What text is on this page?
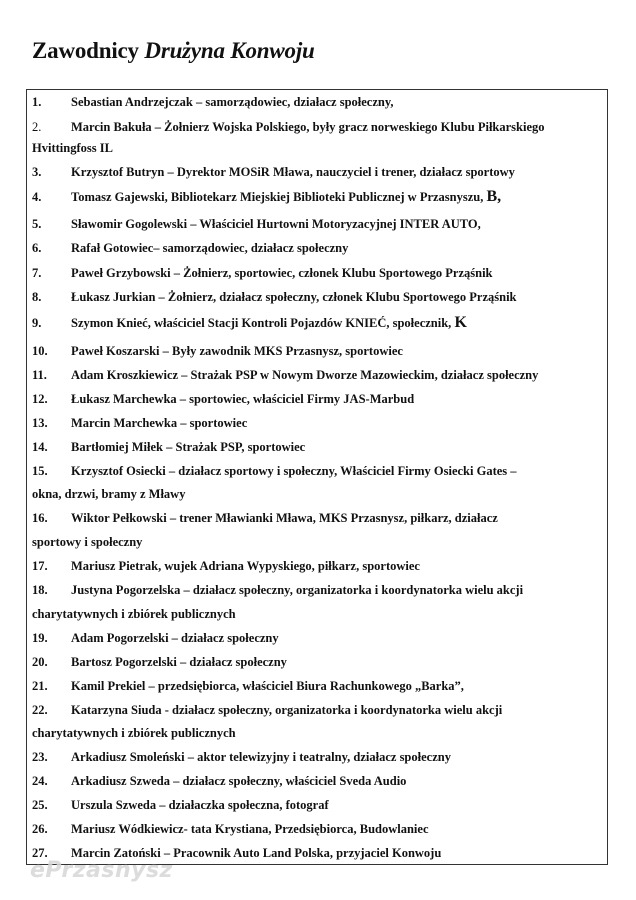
Zawodnicy Drużyna Konwoju
1. Sebastian Andrzejczak – samorządowiec, działacz społeczny,
2. Marcin Bakuła – Żołnierz Wojska Polskiego, były gracz norweskiego Klubu Piłkarskiego
Hvittingfoss IL
3. Krzysztof Butryn – Dyrektor MOSiR Mława, nauczyciel i trener, działacz sportowy
4. Tomasz Gajewski, Bibliotekarz Miejskiej Biblioteki Publicznej w Przasnyszu, B,
5. Sławomir Gogolewski – Właściciel Hurtowni Motoryzacyjnej INTER AUTO,
6. Rafał Gotowiec– samorządowiec, działacz społeczny
7. Paweł Grzybowski – Żołnierz, sportowiec, członek Klubu Sportowego Prząśnik
8. Łukasz Jurkian – Żołnierz, działacz społeczny, członek Klubu Sportowego Prząśnik
9. Szymon Knieć, właściciel Stacji Kontroli Pojazdów KNIEĆ, społecznik, K
10. Paweł Koszarski – Były zawodnik MKS Przasnysz, sportowiec
11. Adam Kroszkiewicz – Strażak PSP w Nowym Dworze Mazowieckim, działacz społeczny
12. Łukasz Marchewka – sportowiec, właściciel Firmy JAS-Marbud
13. Marcin Marchewka – sportowiec
14. Bartłomiej Miłek – Strażak PSP, sportowiec
15. Krzysztof Osiecki – działacz sportowy i społeczny, Właściciel Firmy Osiecki Gates –
okna, drzwi, bramy z Mławy
16. Wiktor Pełkowski – trener Mławianki Mława, MKS Przasnysz, piłkarz, działacz
sportowy i społeczny
17. Mariusz Pietrak, wujek Adriana Wypyskiego, piłkarz, sportowiec
18. Justyna Pogorzelska – działacz społeczny, organizatorka i koordynatorka wielu akcji
charytatywnych i zbiórek publicznych
19. Adam Pogorzelski – działacz społeczny
20. Bartosz Pogorzelski – działacz społeczny
21. Kamil Prekiel – przedsiębiorca, właściciel Biura Rachunkowego „Barka”,
22. Katarzyna Siuda - działacz społeczny, organizatorka i koordynatorka wielu akcji
charytatywnych i zbiórek publicznych
23. Arkadiusz Smoleński – aktor telewizyjny i teatralny, działacz społeczny
24. Arkadiusz Szweda – działacz społeczny, właściciel Sveda Audio
25. Urszula Szweda – działaczka społeczna, fotograf
26. Mariusz Wódkiewicz- tata Krystiana, Przedsiębiorca, Budowlaniec
27. Marcin Zatoński – Pracownik Auto Land Polska, przyjaciel Konwoju
ePrzasnysz
